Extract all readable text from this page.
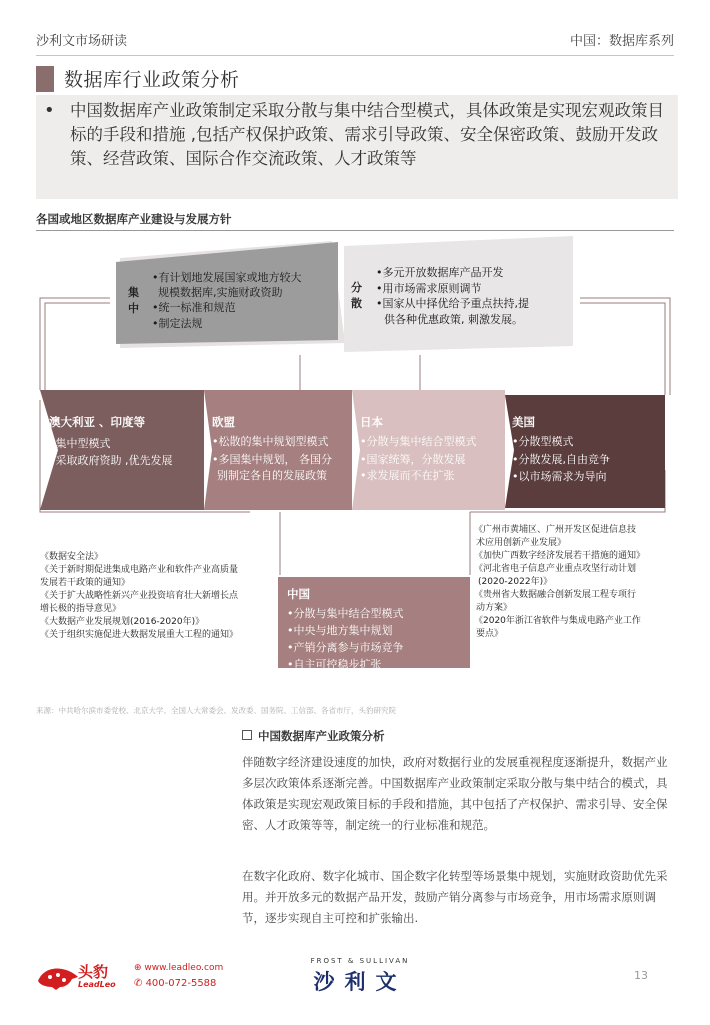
沙利文市场研读	中国：数据库系列
数据库行业政策分析
• 中国数据库产业政策制定采取分散与集中结合型模式，具体政策是实现宏观政策目标的手段和措施 ,包括产权保护政策、需求引导政策、安全保密政策、鼓励开发政策、经营政策、国际合作交流政策、人才政策等
各国或地区数据库产业建设与发展方针
集
中
•有计划地发展国家或地方较大
规模数据库,实施财政资助
•统一标准和规范
•制定法规
分
散
•多元开放数据库产品开发
•用市场需求原则调节
•国家从中择优给予重点扶持,提
供各种优惠政策, 刺激发展。
澳大利亚 、印度等
•集中型模式
•采取政府资助 ,优先发展
欧盟
•松散的集中规划型模式
•多国集中规划， 各国分
别制定各自的发展政策
日本
•分散与集中结合型模式
•国家统筹，分散发展
•求发展而不在扩张
美国
•分散型模式
•分散发展,自由竞争
•以市场需求为导向
中国
•分散与集中结合型模式
•中央与地方集中规划
•产销分离参与市场竞争
•自主可控稳步扩张
《数据安全法》
《关于新时期促进集成电路产业和软件产业高质量
发展若干政策的通知》
《关于扩大战略性新兴产业投资培育壮大新增长点
增长极的指导意见》
《大数据产业发展规划(2016-2020年)》
《关于组织实施促进大数据发展重大工程的通知》
《广州市黄埔区、广州开发区促进信息技
术应用创新产业发展》
《加快广西数字经济发展若干措施的通知》
《河北省电子信息产业重点攻坚行动计划
(2020-2022年)》
《贵州省大数据融合创新发展工程专项行
动方案》
《2020年浙江省软件与集成电路产业工作
要点》
来源：中共哈尔滨市委党校、北京大学、全国人大常委会、发改委、国务院、工信部、各省市厅，头豹研究院
中国数据库产业政策分析
伴随数字经济建设速度的加快，政府对数据行业的发展重视程度逐渐提升，数据产业多层次政策体系逐渐完善。中国数据库产业政策制定采取分散与集中结合的模式，具体政策是实现宏观政策目标的手段和措施，其中包括了产权保护、需求引导、安全保密、人才政策等等，制定统一的行业标准和规范。
在数字化政府、数字化城市、国企数字化转型等场景集中规划，实施财政资助优先采用。并开放多元的数据产品开发，鼓励产销分离参与市场竞争，用市场需求原则调节，逐步实现自主可控和扩张输出.
头豹
LeadLeo
⊕ www.leadleo.com
✆ 400-072-5588
FROST & SULLIVAN
沙利文	13
